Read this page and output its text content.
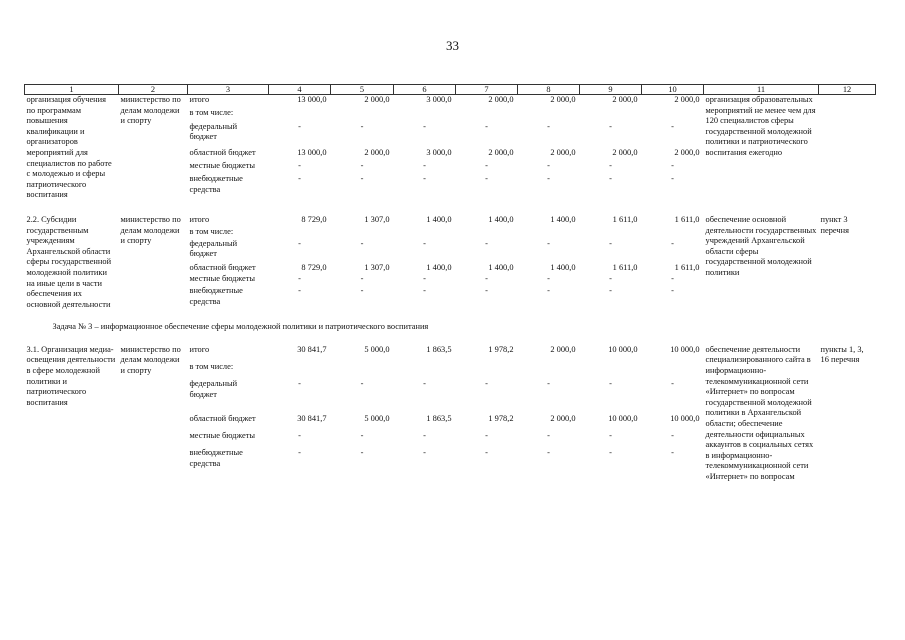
33
1	2	3	4	5	6	7	8	9	10	11	12
организация обучения по программам повышения квалификации и организаторов мероприятий для специалистов по работе с молодежью и сферы патриотического воспитания	министерство по делам молодежи и спорту	итого	13 000,0	2 000,0	3 000,0	2 000,0	2 000,0	2 000,0	2 000,0	организация образовательных мероприятий не менее чем для 120 специалистов сферы государственной молодежной политики и патриотического воспитания ежегодно	
		в том числе:									
		федеральный бюджет	-	-	-	-	-	-	-		
		областной бюджет	13 000,0	2 000,0	3 000,0	2 000,0	2 000,0	2 000,0	2 000,0		
		местные бюджеты	-	-	-	-	-	-	-		
		внебюджетные средства	-	-	-	-	-	-	-		

2.2. Субсидии государственным учреждениям Архангельской области сферы государственной молодежной политики на иные цели в части обеспечения их основной деятельности	министерство по делам молодежи и спорту	итого	8 729,0	1 307,0	1 400,0	1 400,0	1 400,0	1 611,0	1 611,0	обеспечение основной деятельности государственных учреждений Архангельской области сферы государственной молодежной политики	пункт 3 перечня
		в том числе:									
		федеральный бюджет	-	-	-	-	-	-	-		
		областной бюджет	8 729,0	1 307,0	1 400,0	1 400,0	1 400,0	1 611,0	1 611,0		
		местные бюджеты	-	-	-	-	-	-	-		
		внебюджетные средства	-	-	-	-	-	-	-		
Задача № 3 – информационное обеспечение сферы молодежной политики и патриотического воспитания											
3.1. Организация медиа-освещения деятельности в сфере молодежной политики и патриотического воспитания	министерство по делам молодежи и спорту	итого	30 841,7	5 000,0	1 863,5	1 978,2	2 000,0	10 000,0	10 000,0	обеспечение деятельности специализированного сайта в информационно-телекоммуникационной сети «Интернет» по вопросам государственной молодежной политики в Архангельской области; обеспечение деятельности официальных аккаунтов в социальных сетях в информационно-телекоммуникационной сети «Интернет» по вопросам	пункты 1, 3, 16 перечня
		в том числе:									
		федеральный бюджет	-	-	-	-	-	-	-		
		областной бюджет	30 841,7	5 000,0	1 863,5	1 978,2	2 000,0	10 000,0	10 000,0		
		местные бюджеты	-	-	-	-	-	-	-		
		внебюджетные средства	-	-	-	-	-	-	-		
